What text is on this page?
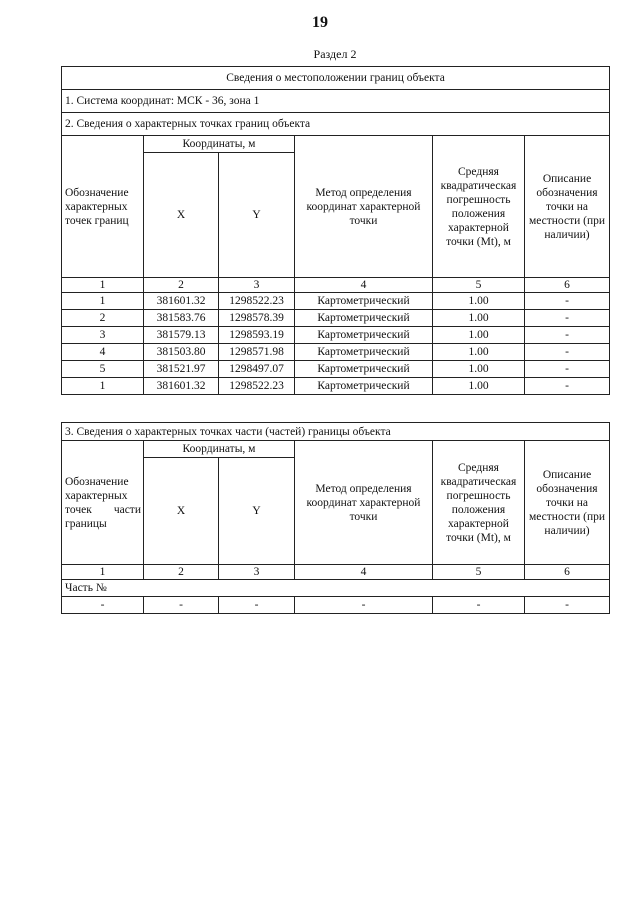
19
Раздел 2
Сведения о местоположении границ объекта					
1. Система координат: МСК - 36, зона 1					
2. Сведения о характерных точках границ объекта					
Обозначение характерных точек границ	Координаты, м		Метод определения координат характерной точки	Средняя квадратическая погрешность положения характерной точки (Mt), м	Описание обозначения точки на местности (при наличии)
	X	Y			
1	2	3	4	5	6
1	381601.32	1298522.23	Картометрический	1.00	-
2	381583.76	1298578.39	Картометрический	1.00	-
3	381579.13	1298593.19	Картометрический	1.00	-
4	381503.80	1298571.98	Картометрический	1.00	-
5	381521.97	1298497.07	Картометрический	1.00	-
1	381601.32	1298522.23	Картометрический	1.00	-
3. Сведения о характерных точках части (частей) границы объекта					
Обозначение характерных точек части границы	Координаты, м		Метод определения координат характерной точки	Средняя квадратическая погрешность положения характерной точки (Mt), м	Описание обозначения точки на местности (при наличии)
	X	Y			
1	2	3	4	5	6
Часть №					
-	-	-	-	-	-
